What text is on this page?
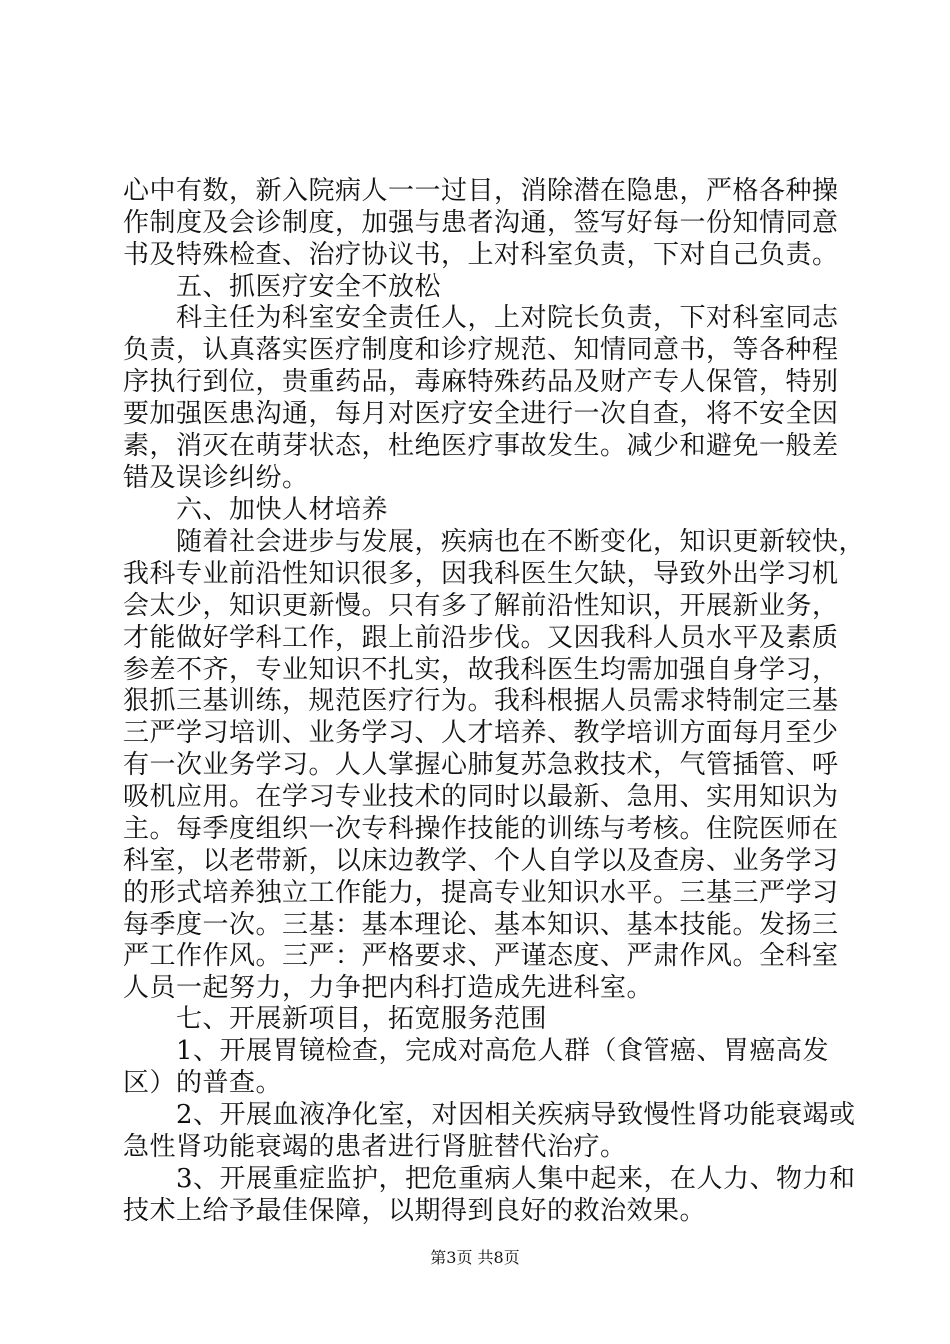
心中有数，新入院病人一一过目，消除潜在隐患，严格各种操
作制度及会诊制度，加强与患者沟通，签写好每一份知情同意
书及特殊检查、治疗协议书，上对科室负责，下对自己负责。
　　五、抓医疗安全不放松
　　科主任为科室安全责任人，上对院长负责，下对科室同志
负责，认真落实医疗制度和诊疗规范、知情同意书，等各种程
序执行到位，贵重药品，毒麻特殊药品及财产专人保管，特别
要加强医患沟通，每月对医疗安全进行一次自查，将不安全因
素，消灭在萌芽状态，杜绝医疗事故发生。减少和避免一般差
错及误诊纠纷。
　　六、加快人材培养
　　随着社会进步与发展，疾病也在不断变化，知识更新较快，
我科专业前沿性知识很多，因我科医生欠缺，导致外出学习机
会太少，知识更新慢。只有多了解前沿性知识，开展新业务，
才能做好学科工作，跟上前沿步伐。又因我科人员水平及素质
参差不齐，专业知识不扎实，故我科医生均需加强自身学习，
狠抓三基训练，规范医疗行为。我科根据人员需求特制定三基
三严学习培训、业务学习、人才培养、教学培训方面每月至少
有一次业务学习。人人掌握心肺复苏急救技术，气管插管、呼
吸机应用。在学习专业技术的同时以最新、急用、实用知识为
主。每季度组织一次专科操作技能的训练与考核。住院医师在
科室，以老带新，以床边教学、个人自学以及查房、业务学习
的形式培养独立工作能力，提高专业知识水平。三基三严学习
每季度一次。三基：基本理论、基本知识、基本技能。发扬三
严工作作风。三严：严格要求、严谨态度、严肃作风。全科室
人员一起努力，力争把内科打造成先进科室。
　　七、开展新项目，拓宽服务范围
　　1、开展胃镜检查，完成对高危人群（食管癌、胃癌高发
区）的普查。
　　2、开展血液净化室，对因相关疾病导致慢性肾功能衰竭或
急性肾功能衰竭的患者进行肾脏替代治疗。
　　3、开展重症监护，把危重病人集中起来，在人力、物力和
技术上给予最佳保障，以期得到良好的救治效果。
第3页 共8页
